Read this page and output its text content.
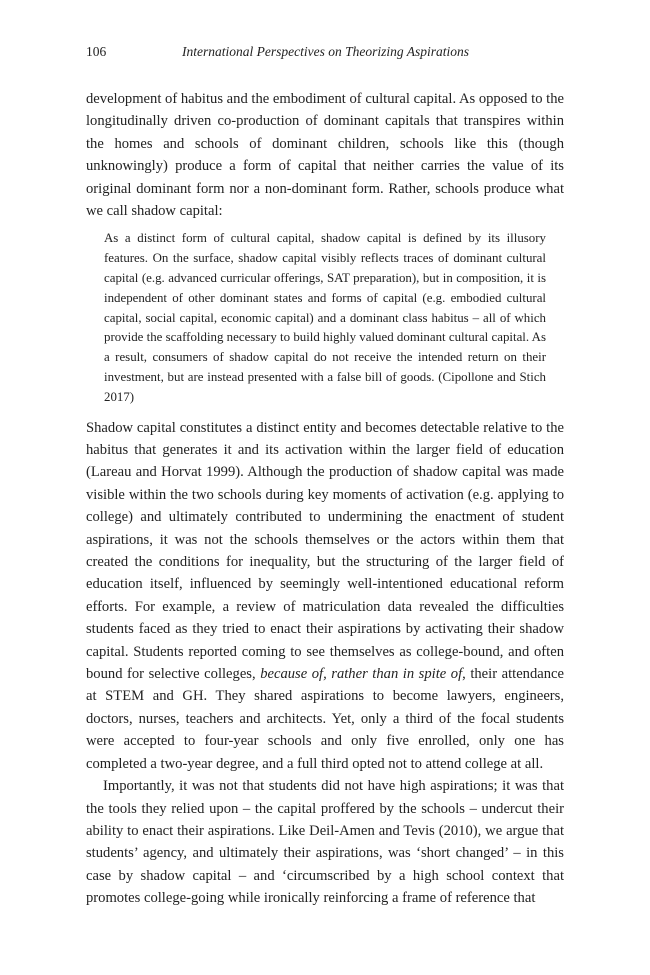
106	International Perspectives on Theorizing Aspirations

development of habitus and the embodiment of cultural capital. As opposed to the longitudinally driven co-production of dominant capitals that transpires within the homes and schools of dominant children, schools like this (though unknowingly) produce a form of capital that neither carries the value of its original dominant form nor a non-dominant form. Rather, schools produce what we call shadow capital:

As a distinct form of cultural capital, shadow capital is defined by its illusory features. On the surface, shadow capital visibly reflects traces of dominant cultural capital (e.g. advanced curricular offerings, SAT preparation), but in composition, it is independent of other dominant states and forms of capital (e.g. embodied cultural capital, social capital, economic capital) and a dominant class habitus – all of which provide the scaffolding necessary to build highly valued dominant cultural capital. As a result, consumers of shadow capital do not receive the intended return on their investment, but are instead presented with a false bill of goods. (Cipollone and Stich 2017)

Shadow capital constitutes a distinct entity and becomes detectable relative to the habitus that generates it and its activation within the larger field of education (Lareau and Horvat 1999). Although the production of shadow capital was made visible within the two schools during key moments of activation (e.g. applying to college) and ultimately contributed to undermining the enactment of student aspirations, it was not the schools themselves or the actors within them that created the conditions for inequality, but the structuring of the larger field of education itself, influenced by seemingly well-intentioned educational reform efforts. For example, a review of matriculation data revealed the difficulties students faced as they tried to enact their aspirations by activating their shadow capital. Students reported coming to see themselves as college-bound, and often bound for selective colleges, because of, rather than in spite of, their attendance at STEM and GH. They shared aspirations to become lawyers, engineers, doctors, nurses, teachers and architects. Yet, only a third of the focal students were accepted to four-year schools and only five enrolled, only one has completed a two-year degree, and a full third opted not to attend college at all.

Importantly, it was not that students did not have high aspirations; it was that the tools they relied upon – the capital proffered by the schools – undercut their ability to enact their aspirations. Like Deil-Amen and Tevis (2010), we argue that students’ agency, and ultimately their aspirations, was ‘short changed’ – in this case by shadow capital – and ‘circumscribed by a high school context that promotes college-going while ironically reinforcing a frame of reference that
